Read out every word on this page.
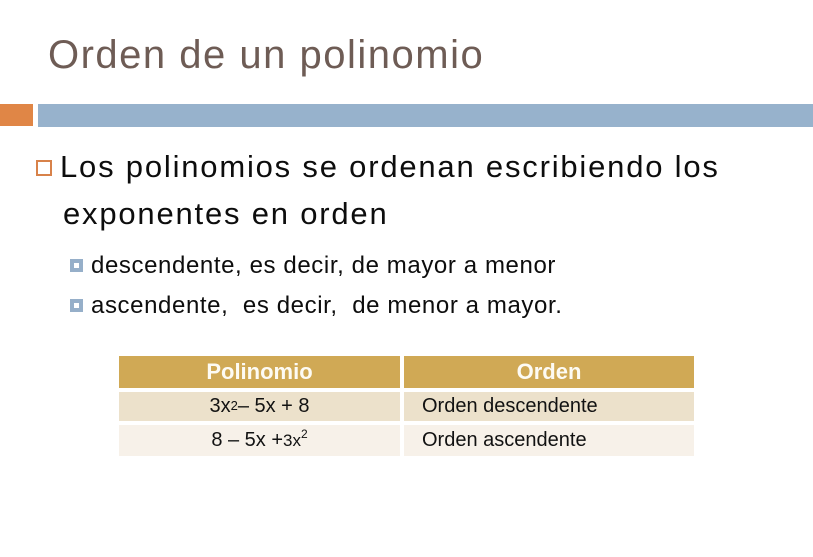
Orden de un polinomio
Los polinomios se ordenan escribiendo los
exponentes en orden
descendente, es decir, de mayor a menor
ascendente,  es decir,  de menor a mayor.
Polinomio	Orden
$3x^2 - 5x + 8$	Orden descendente
$8 - 5x + 3x^2$	Orden ascendente
